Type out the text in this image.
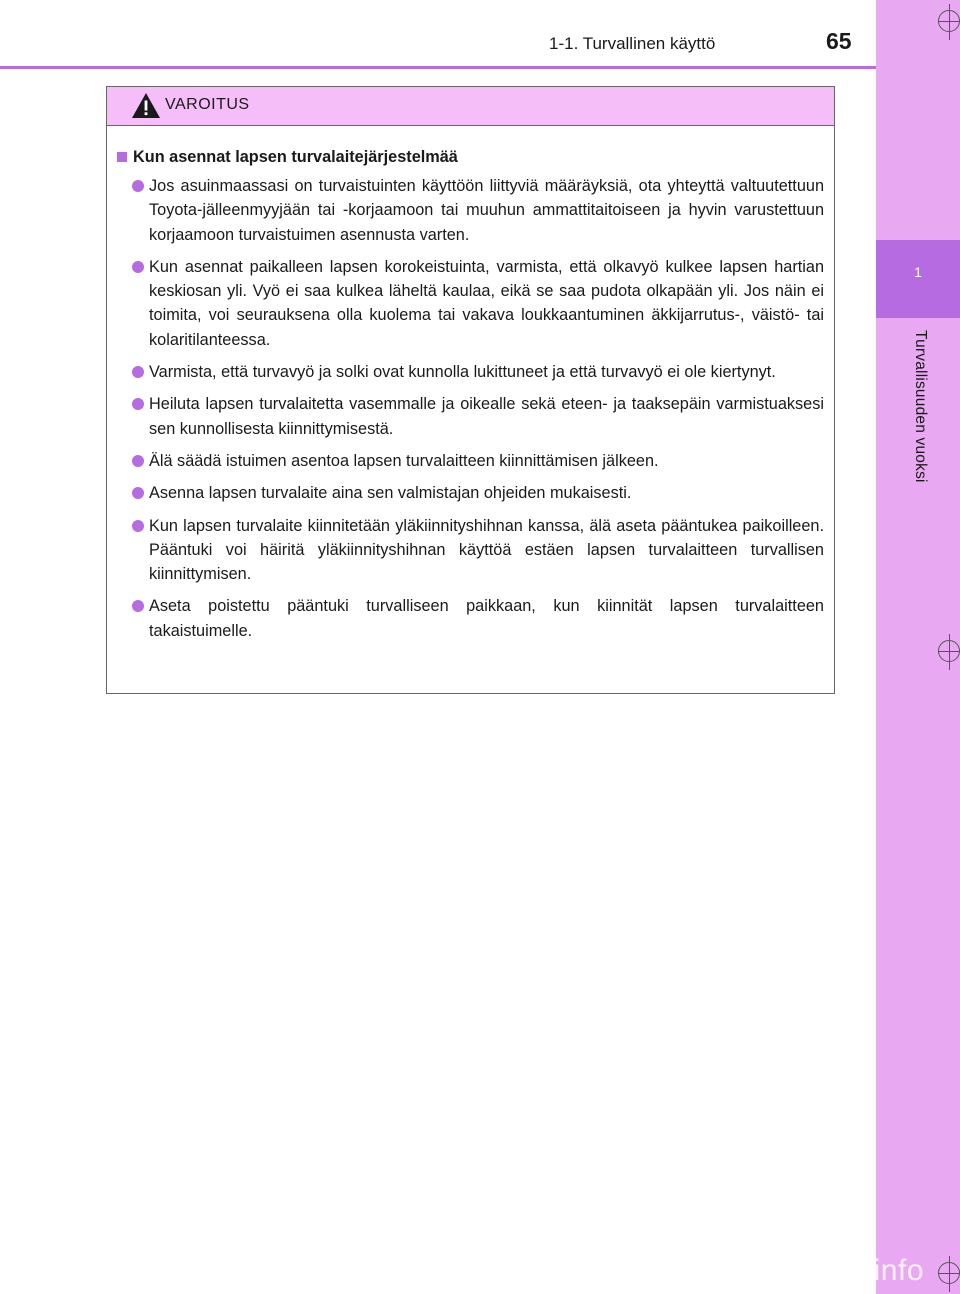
1
Turvallisuuden vuoksi
1-1. Turvallinen käyttö	65
VAROITUS
Kun asennat lapsen turvalaitejärjestelmää
Jos asuinmaassasi on turvaistuinten käyttöön liittyviä määräyksiä, ota yhteyttä valtuutettuun Toyota-jälleenmyyjään tai -korjaamoon tai muuhun ammattitaitoiseen ja hyvin varustettuun korjaamoon turvaistuimen asennusta varten.
Kun asennat paikalleen lapsen korokeistuinta, varmista, että olkavyö kulkee lapsen hartian keskiosan yli. Vyö ei saa kulkea läheltä kaulaa, eikä se saa pudota olkapään yli. Jos näin ei toimita, voi seurauksena olla kuolema tai vakava loukkaantuminen äkkijarrutus-, väistö- tai kolaritilanteessa.
Varmista, että turvavyö ja solki ovat kunnolla lukittuneet ja että turvavyö ei ole kiertynyt.
Heiluta lapsen turvalaitetta vasemmalle ja oikealle sekä eteen- ja taaksepäin varmistuaksesi sen kunnollisesta kiinnittymisestä.
Älä säädä istuimen asentoa lapsen turvalaitteen kiinnittämisen jälkeen.
Asenna lapsen turvalaite aina sen valmistajan ohjeiden mukaisesti.
Kun lapsen turvalaite kiinnitetään yläkiinnityshihnan kanssa, älä aseta pääntukea paikoilleen. Pääntuki voi häiritä yläkiinnityshihnan käyttöä estäen lapsen turvalaitteen turvallisen kiinnittymisen.
Aseta poistettu pääntuki turvalliseen paikkaan, kun kiinnität lapsen turvalaitteen takaistuimelle.
carmanualsonline.info
